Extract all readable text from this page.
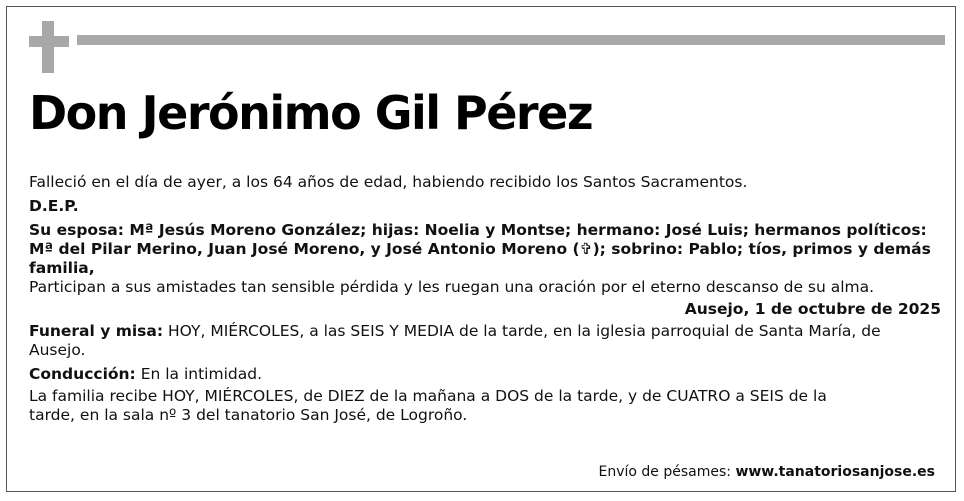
Don Jerónimo Gil Pérez

Falleció en el día de ayer, a los 64 años de edad, habiendo recibido los Santos Sacramentos.

D.E.P.

Su esposa: Mª Jesús Moreno González; hijas: Noelia y Montse; hermano: José Luis; hermanos políticos: Mª del Pilar Merino, Juan José Moreno, y José Antonio Moreno (✞); sobrino: Pablo; tíos, primos y demás familia,

Participan a sus amistades tan sensible pérdida y les ruegan una oración por el eterno descanso de su alma.

Ausejo, 1 de octubre de 2025

Funeral y misa: HOY, MIÉRCOLES, a las SEIS Y MEDIA de la tarde, en la iglesia parroquial de Santa María, de Ausejo.

Conducción: En la intimidad.

La familia recibe HOY, MIÉRCOLES, de DIEZ de la mañana a DOS de la tarde, y de CUATRO a SEIS de la tarde, en la sala nº 3 del tanatorio San José, de Logroño.

Envío de pésames: www.tanatoriosanjose.es
